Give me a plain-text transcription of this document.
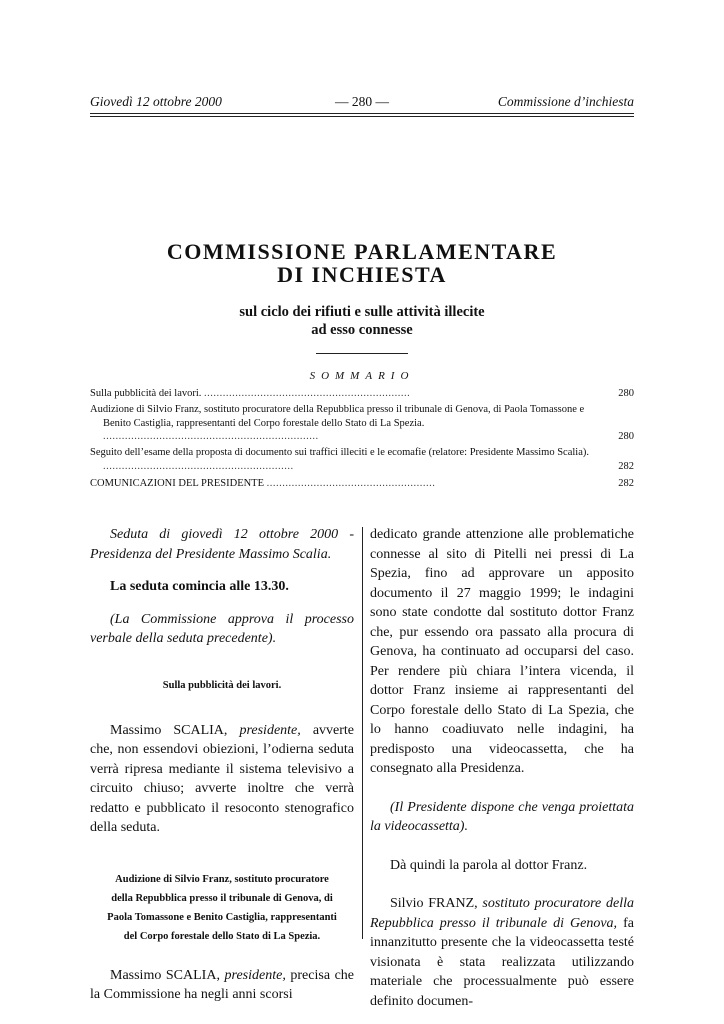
Giovedì 12 ottobre 2000	— 280 —	Commissione d’inchiesta
COMMISSIONE PARLAMENTARE
DI INCHIESTA
sul ciclo dei rifiuti e sulle attività illecite
ad esso connesse
SOMMARIO
Sulla pubblicità dei lavori. ..................................................................	280
Audizione di Silvio Franz, sostituto procuratore della Repubblica presso il tribunale di Genova, di Paola Tomassone e Benito Castiglia, rappresentanti del Corpo forestale dello Stato di La Spezia. .....................................................................	280
Seguito dell’esame della proposta di documento sui traffici illeciti e le ecomafie (relatore: Presidente Massimo Scalia). .............................................................	282
COMUNICAZIONI DEL PRESIDENTE ......................................................	282

Seduta di giovedì 12 ottobre 2000 - Presidenza del Presidente Massimo Scalia.

La seduta comincia alle 13.30.

(La Commissione approva il processo verbale della seduta precedente).

Sulla pubblicità dei lavori.

Massimo SCALIA, presidente, avverte che, non essendovi obiezioni, l’odierna seduta verrà ripresa mediante il sistema televisivo a circuito chiuso; avverte inoltre che verrà redatto e pubblicato il resoconto stenografico della seduta.

Audizione di Silvio Franz, sostituto procuratore
della Repubblica presso il tribunale di Genova, di
Paola Tomassone e Benito Castiglia, rappresentanti
del Corpo forestale dello Stato di La Spezia.

Massimo SCALIA, presidente, precisa che la Commissione ha negli anni scorsi

dedicato grande attenzione alle problematiche connesse al sito di Pitelli nei pressi di La Spezia, fino ad approvare un apposito documento il 27 maggio 1999; le indagini sono state condotte dal sostituto dottor Franz che, pur essendo ora passato alla procura di Genova, ha continuato ad occuparsi del caso. Per rendere più chiara l’intera vicenda, il dottor Franz insieme ai rappresentanti del Corpo forestale dello Stato di La Spezia, che lo hanno coadiuvato nelle indagini, ha predisposto una videocassetta, che ha consegnato alla Presidenza.

(Il Presidente dispone che venga proiettata la videocassetta).

Dà quindi la parola al dottor Franz.

Silvio FRANZ, sostituto procuratore della Repubblica presso il tribunale di Genova, fa innanzitutto presente che la videocassetta testé visionata è stata realizzata utilizzando materiale che processualmente può essere definito documen-
